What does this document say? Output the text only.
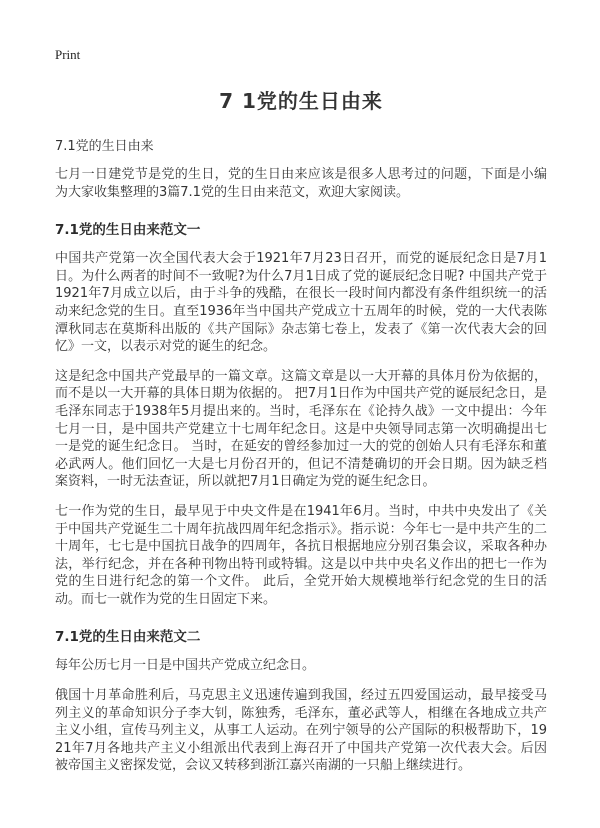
Print
7 1党的生日由来
7.1党的生日由来

七月一日建党节是党的生日，党的生日由来应该是很多人思考过的问题，下面是小编为大家收集整理的3篇7.1党的生日由来范文，欢迎大家阅读。

7.1党的生日由来范文一

中国共产党第一次全国代表大会于1921年7月23日召开，而党的诞辰纪念日是7月1日。为什么两者的时间不一致呢?为什么7月1日成了党的诞辰纪念日呢? 中国共产党于1921年7月成立以后，由于斗争的残酷，在很长一段时间内都没有条件组织统一的活动来纪念党的生日。直至1936年当中国共产党成立十五周年的时候，党的一大代表陈潭秋同志在莫斯科出版的《共产国际》杂志第七卷上，发表了《第一次代表大会的回忆》一文，以表示对党的诞生的纪念。

这是纪念中国共产党最早的一篇文章。这篇文章是以一大开幕的具体月份为依据的，而不是以一大开幕的具体日期为依据的。 把7月1日作为中国共产党的诞辰纪念日，是毛泽东同志于1938年5月提出来的。当时，毛泽东在《论持久战》一文中提出：今年七月一日，是中国共产党建立十七周年纪念日。这是中央领导同志第一次明确提出七一是党的诞生纪念日。 当时，在延安的曾经参加过一大的党的创始人只有毛泽东和董必武两人。他们回忆一大是七月份召开的，但记不清楚确切的开会日期。因为缺乏档案资料，一时无法查证，所以就把7月1日确定为党的诞生纪念日。

七一作为党的生日，最早见于中央文件是在1941年6月。当时，中共中央发出了《关于中国共产党诞生二十周年抗战四周年纪念指示》。指示说：今年七一是中共产生的二十周年，七七是中国抗日战争的四周年，各抗日根据地应分别召集会议，采取各种办法，举行纪念，并在各种刊物出特刊或特辑。这是以中共中央名义作出的把七一作为党的生日进行纪念的第一个文件。 此后，全党开始大规模地举行纪念党的生日的活动。而七一就作为党的生日固定下来。

7.1党的生日由来范文二

每年公历七月一日是中国共产党成立纪念日。

俄国十月革命胜利后，马克思主义迅速传遍到我国，经过五四爱国运动，最早接受马列主义的革命知识分子李大钊，陈独秀，毛泽东，董必武等人，相继在各地成立共产主义小组，宣传马列主义，从事工人运动。在列宁领导的公产国际的积极帮助下，1921年7月各地共产主义小组派出代表到上海召开了中国共产党第一次代表大会。后因被帝国主义密探发觉，会议又转移到浙江嘉兴南湖的一只船上继续进行。
